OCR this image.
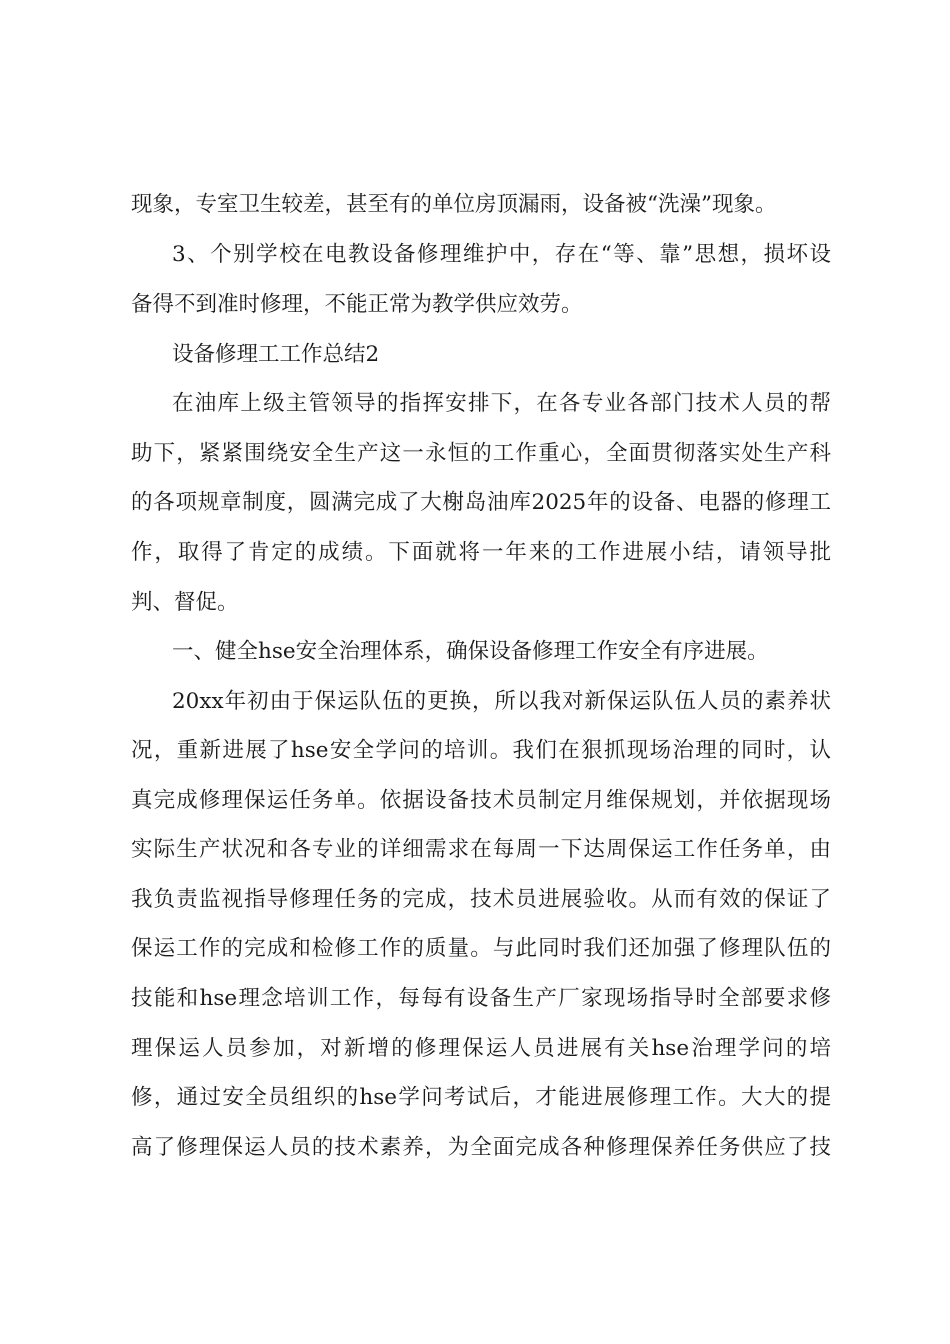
现象，专室卫生较差，甚至有的单位房顶漏雨，设备被“洗澡”现象。
3、个别学校在电教设备修理维护中，存在“等、靠”思想，损坏设
备得不到准时修理，不能正常为教学供应效劳。
设备修理工工作总结2
在油库上级主管领导的指挥安排下，在各专业各部门技术人员的帮
助下，紧紧围绕安全生产这一永恒的工作重心，全面贯彻落实处生产科
的各项规章制度，圆满完成了大榭岛油库2025年的设备、电器的修理工
作，取得了肯定的成绩。下面就将一年来的工作进展小结，请领导批
判、督促。
一、健全hse安全治理体系，确保设备修理工作安全有序进展。
20xx年初由于保运队伍的更换，所以我对新保运队伍人员的素养状
况，重新进展了hse安全学问的培训。我们在狠抓现场治理的同时，认
真完成修理保运任务单。依据设备技术员制定月维保规划，并依据现场
实际生产状况和各专业的详细需求在每周一下达周保运工作任务单，由
我负责监视指导修理任务的完成，技术员进展验收。从而有效的保证了
保运工作的完成和检修工作的质量。与此同时我们还加强了修理队伍的
技能和hse理念培训工作，每每有设备生产厂家现场指导时全部要求修
理保运人员参加，对新增的修理保运人员进展有关hse治理学问的培
修，通过安全员组织的hse学问考试后，才能进展修理工作。大大的提
高了修理保运人员的技术素养，为全面完成各种修理保养任务供应了技
